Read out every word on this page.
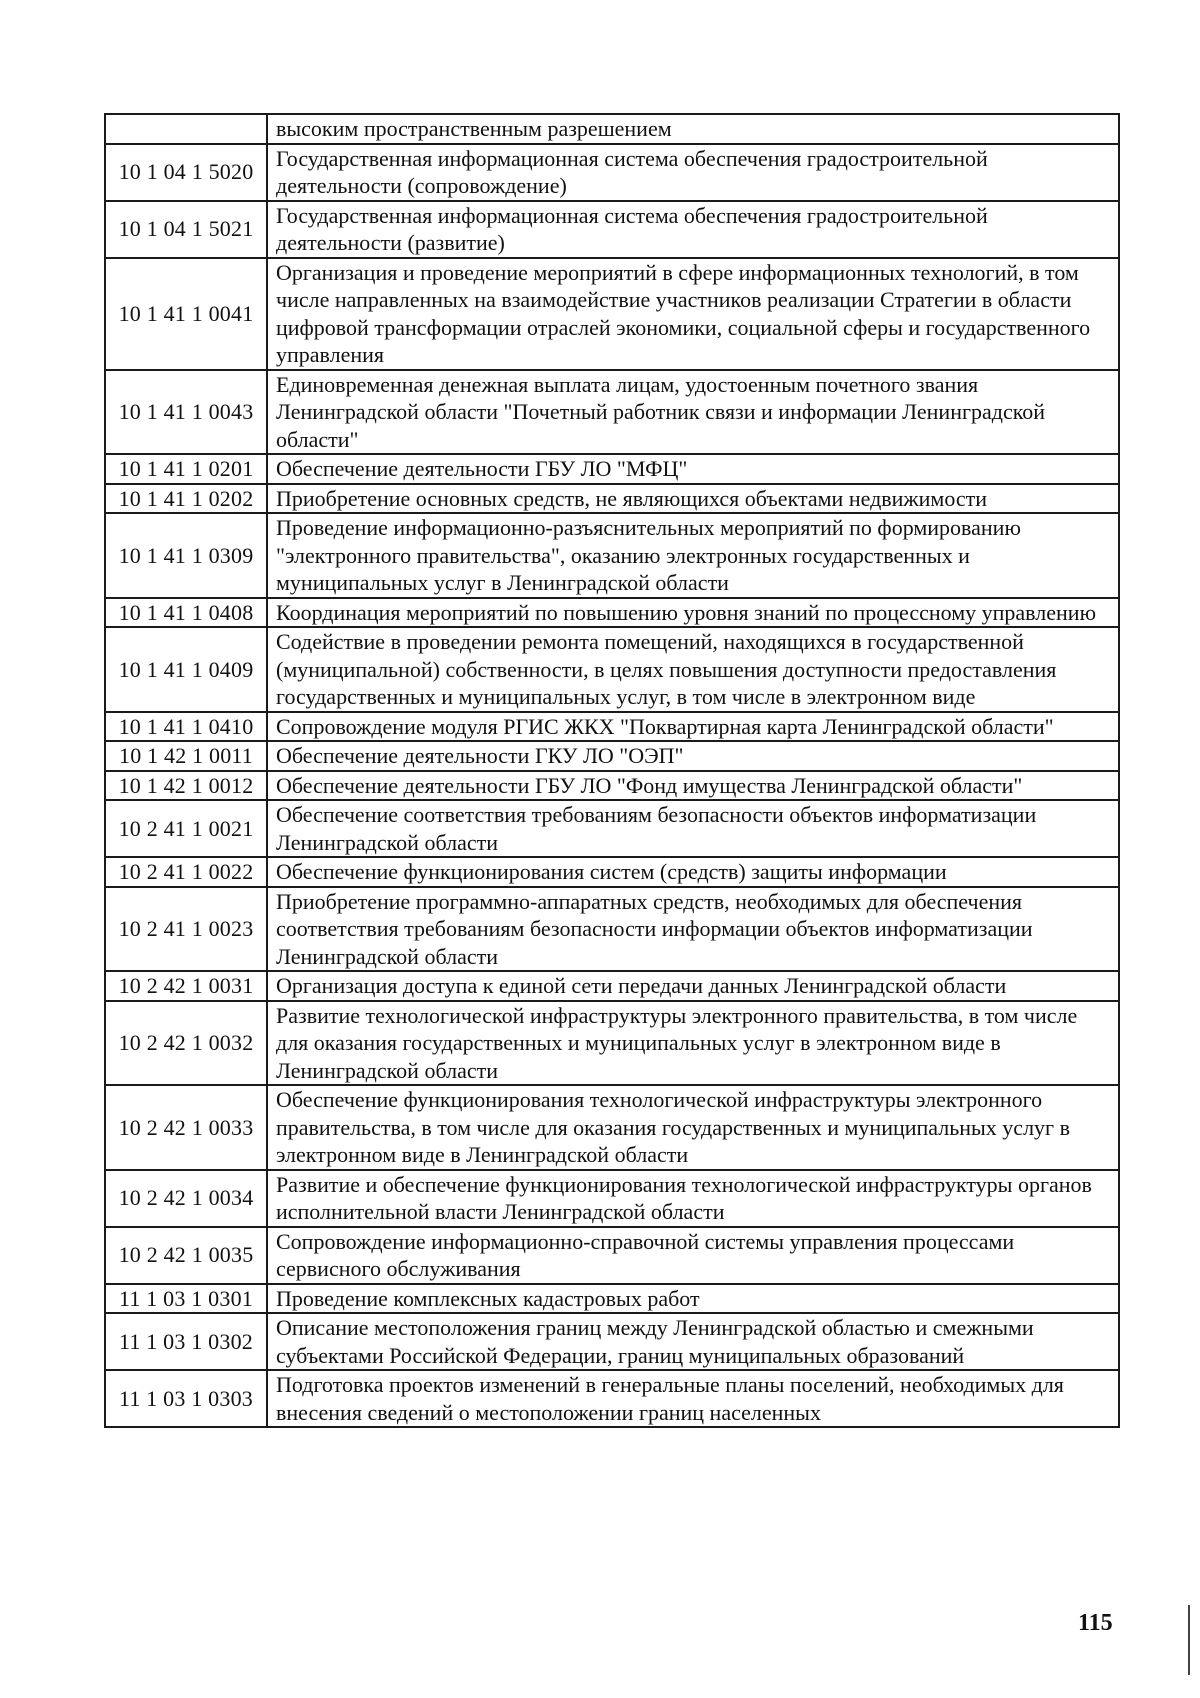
	высоким пространственным разрешением
10 1 04 1 5020	Государственная информационная система обеспечения градостроительной деятельности (сопровождение)
10 1 04 1 5021	Государственная информационная система обеспечения градостроительной деятельности (развитие)
10 1 41 1 0041	Организация и проведение мероприятий в сфере информационных технологий, в том числе направленных на взаимодействие участников реализации Стратегии в области цифровой трансформации отраслей экономики, социальной сферы и государственного управления
10 1 41 1 0043	Единовременная денежная выплата лицам, удостоенным почетного звания Ленинградской области "Почетный работник связи и информации Ленинградской области"
10 1 41 1 0201	Обеспечение деятельности ГБУ ЛО "МФЦ"
10 1 41 1 0202	Приобретение основных средств, не являющихся объектами недвижимости
10 1 41 1 0309	Проведение информационно-разъяснительных мероприятий по формированию "электронного правительства", оказанию электронных государственных и муниципальных услуг в Ленинградской области
10 1 41 1 0408	Координация мероприятий по повышению уровня знаний по процессному управлению
10 1 41 1 0409	Содействие в проведении ремонта помещений, находящихся в государственной (муниципальной) собственности, в целях повышения доступности предоставления государственных и муниципальных услуг, в том числе в электронном виде
10 1 41 1 0410	Сопровождение модуля РГИС ЖКХ "Поквартирная карта Ленинградской области"
10 1 42 1 0011	Обеспечение деятельности ГКУ ЛО "ОЭП"
10 1 42 1 0012	Обеспечение деятельности ГБУ ЛО "Фонд имущества Ленинградской области"
10 2 41 1 0021	Обеспечение соответствия требованиям безопасности объектов информатизации Ленинградской области
10 2 41 1 0022	Обеспечение функционирования систем (средств) защиты информации
10 2 41 1 0023	Приобретение программно-аппаратных средств, необходимых для обеспечения соответствия требованиям безопасности информации объектов информатизации Ленинградской области
10 2 42 1 0031	Организация доступа к единой сети передачи данных Ленинградской области
10 2 42 1 0032	Развитие технологической инфраструктуры электронного правительства, в том числе для оказания государственных и муниципальных услуг в электронном виде в Ленинградской области
10 2 42 1 0033	Обеспечение функционирования технологической инфраструктуры электронного правительства, в том числе для оказания государственных и муниципальных услуг в электронном виде в Ленинградской области
10 2 42 1 0034	Развитие и обеспечение функционирования технологической инфраструктуры органов исполнительной власти Ленинградской области
10 2 42 1 0035	Сопровождение информационно-справочной системы управления процессами сервисного обслуживания
11 1 03 1 0301	Проведение комплексных кадастровых работ
11 1 03 1 0302	Описание местоположения границ между Ленинградской областью и смежными субъектами Российской Федерации, границ муниципальных образований
11 1 03 1 0303	Подготовка проектов изменений в генеральные планы поселений, необходимых для внесения сведений о местоположении границ населенных
115
